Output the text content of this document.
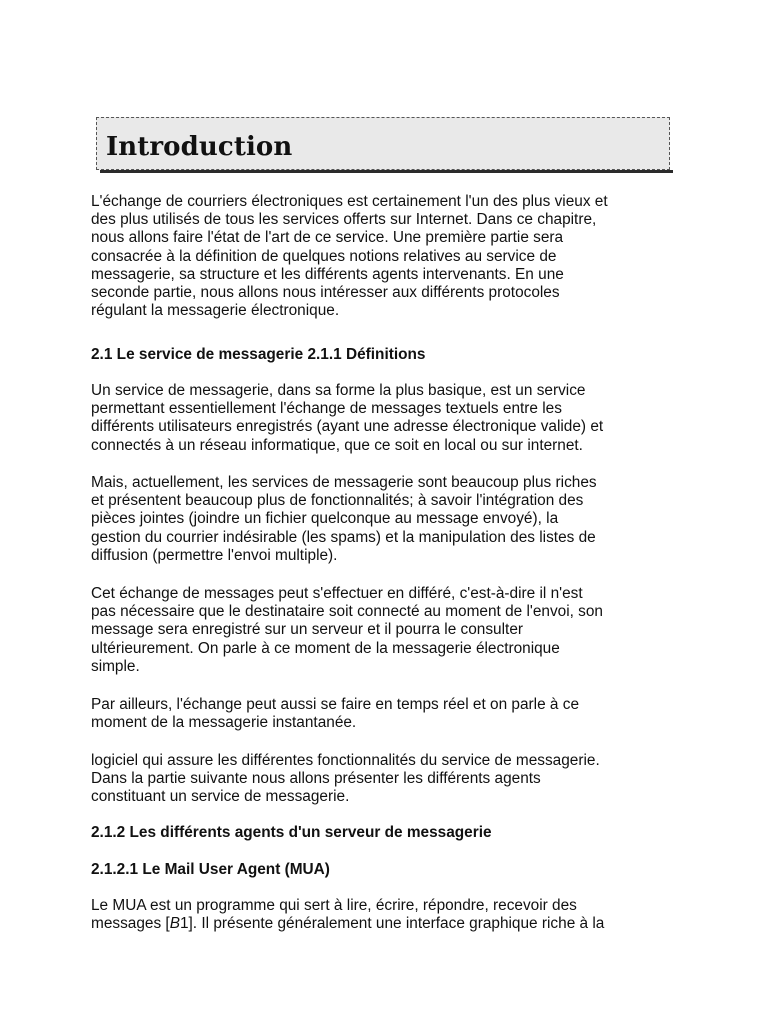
Introduction
L'échange de courriers électroniques est certainement l'un des plus vieux et
des plus utilisés de tous les services offerts sur Internet. Dans ce chapitre,
nous allons faire l'état de l'art de ce service. Une première partie sera
consacrée à la définition de quelques notions relatives au service de
messagerie, sa structure et les différents agents intervenants. En une
seconde partie, nous allons nous intéresser aux différents protocoles
régulant la messagerie électronique.
2.1 Le service de messagerie 2.1.1 Définitions
Un service de messagerie, dans sa forme la plus basique, est un service
permettant essentiellement l'échange de messages textuels entre les
différents utilisateurs enregistrés (ayant une adresse électronique valide) et
connectés à un réseau informatique, que ce soit en local ou sur internet.
Mais, actuellement, les services de messagerie sont beaucoup plus riches
et présentent beaucoup plus de fonctionnalités; à savoir l'intégration des
pièces jointes (joindre un fichier quelconque au message envoyé), la
gestion du courrier indésirable (les spams) et la manipulation des listes de
diffusion (permettre l'envoi multiple).
Cet échange de messages peut s'effectuer en différé, c'est-à-dire il n'est
pas nécessaire que le destinataire soit connecté au moment de l'envoi, son
message sera enregistré sur un serveur et il pourra le consulter
ultérieurement. On parle à ce moment de la messagerie électronique
simple.
Par ailleurs, l'échange peut aussi se faire en temps réel et on parle à ce
moment de la messagerie instantanée.
logiciel qui assure les différentes fonctionnalités du service de messagerie.
Dans la partie suivante nous allons présenter les différents agents
constituant un service de messagerie.
2.1.2 Les différents agents d'un serveur de messagerie
2.1.2.1 Le Mail User Agent (MUA)
Le MUA est un programme qui sert à lire, écrire, répondre, recevoir des
messages [B1]. Il présente généralement une interface graphique riche à la
